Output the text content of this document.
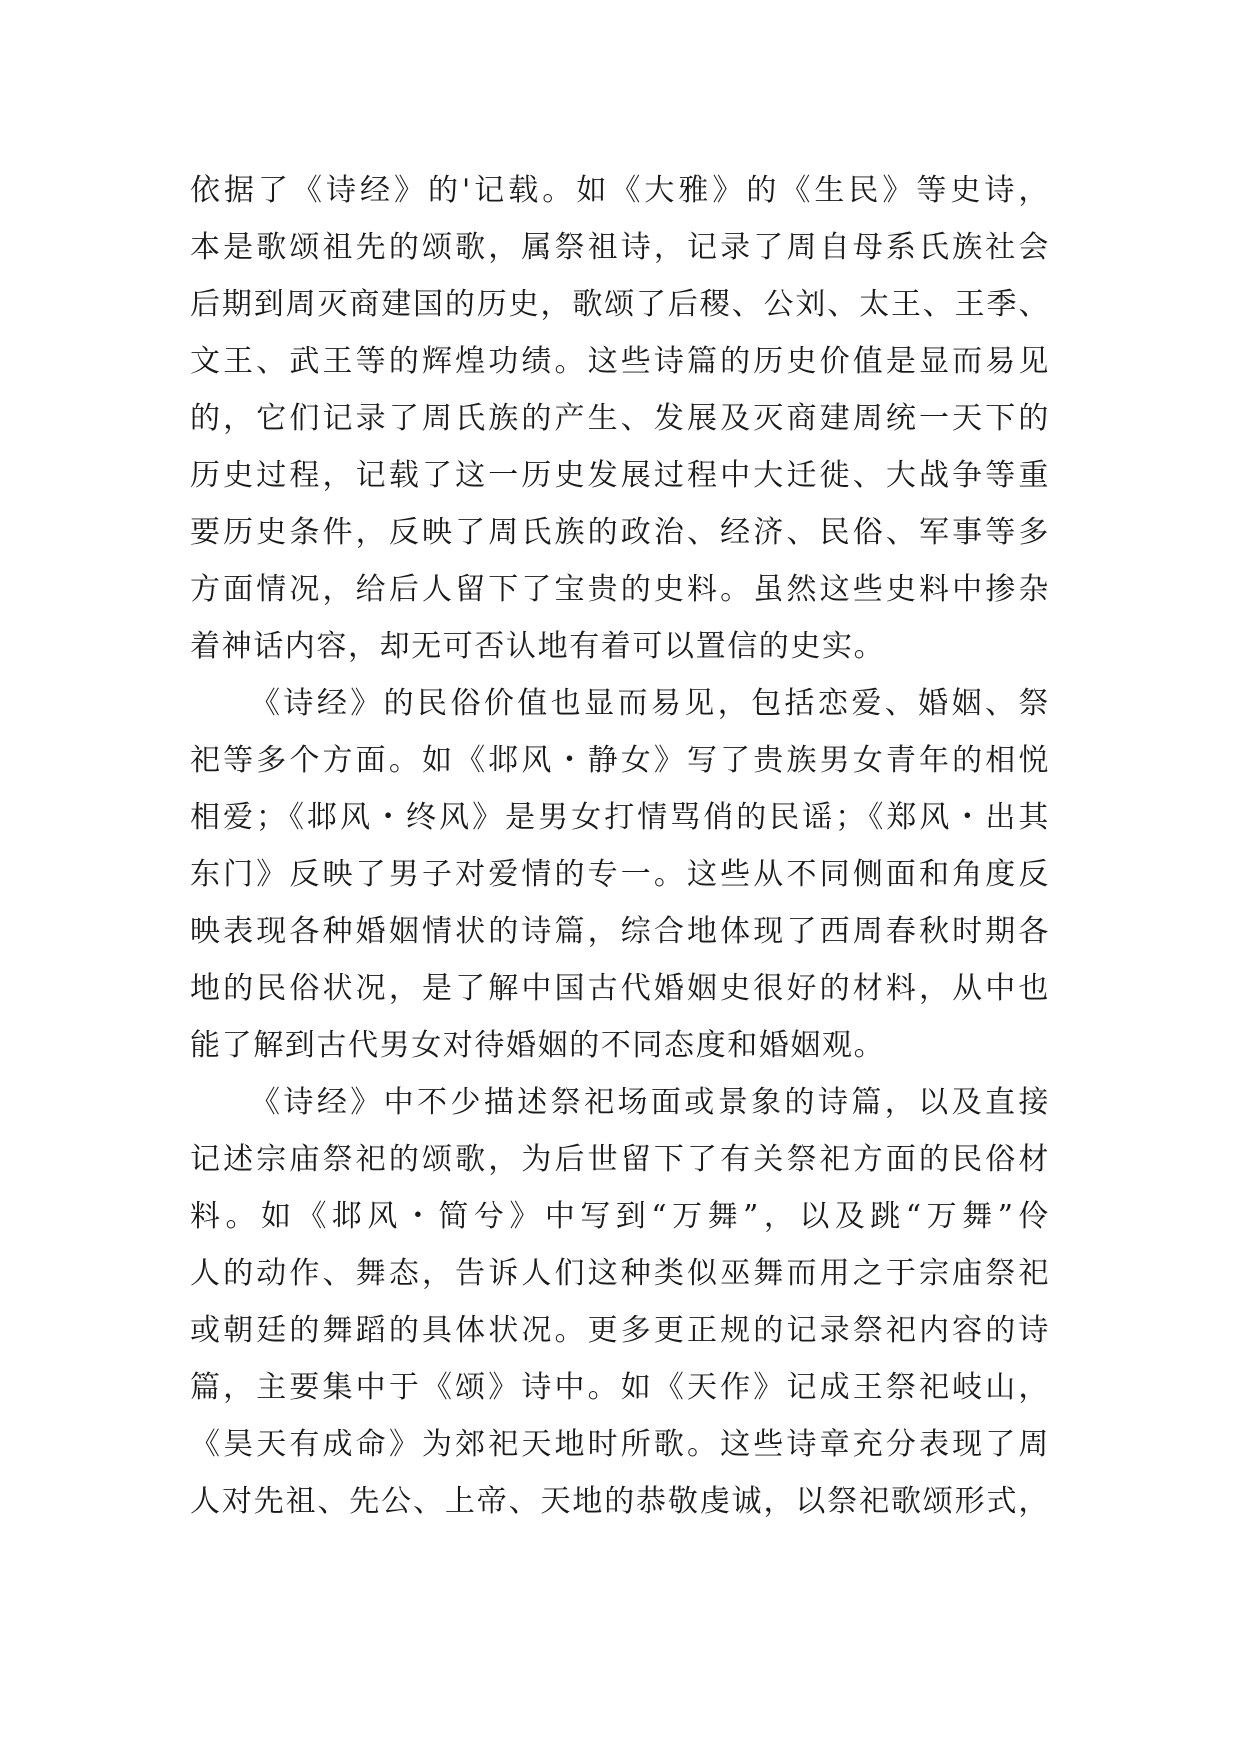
依据了《诗经》的'记载。如《大雅》的《生民》等史诗，
本是歌颂祖先的颂歌，属祭祖诗，记录了周自母系氏族社会
后期到周灭商建国的历史，歌颂了后稷、公刘、太王、王季、
文王、武王等的辉煌功绩。这些诗篇的历史价值是显而易见
的，它们记录了周氏族的产生、发展及灭商建周统一天下的
历史过程，记载了这一历史发展过程中大迁徙、大战争等重
要历史条件，反映了周氏族的政治、经济、民俗、军事等多
方面情况，给后人留下了宝贵的史料。虽然这些史料中掺杂
着神话内容，却无可否认地有着可以置信的史实。
《诗经》的民俗价值也显而易见，包括恋爱、婚姻、祭
祀等多个方面。如《邶风・静女》写了贵族男女青年的相悦
相爱；《邶风・终风》是男女打情骂俏的民谣；《郑风・出其
东门》反映了男子对爱情的专一。这些从不同侧面和角度反
映表现各种婚姻情状的诗篇，综合地体现了西周春秋时期各
地的民俗状况，是了解中国古代婚姻史很好的材料，从中也
能了解到古代男女对待婚姻的不同态度和婚姻观。
《诗经》中不少描述祭祀场面或景象的诗篇，以及直接
记述宗庙祭祀的颂歌，为后世留下了有关祭祀方面的民俗材
料。如《邶风・简兮》中写到“万舞”，以及跳“万舞”伶
人的动作、舞态，告诉人们这种类似巫舞而用之于宗庙祭祀
或朝廷的舞蹈的具体状况。更多更正规的记录祭祀内容的诗
篇，主要集中于《颂》诗中。如《天作》记成王祭祀岐山，
《昊天有成命》为郊祀天地时所歌。这些诗章充分表现了周
人对先祖、先公、上帝、天地的恭敬虔诚，以祭祀歌颂形式，
